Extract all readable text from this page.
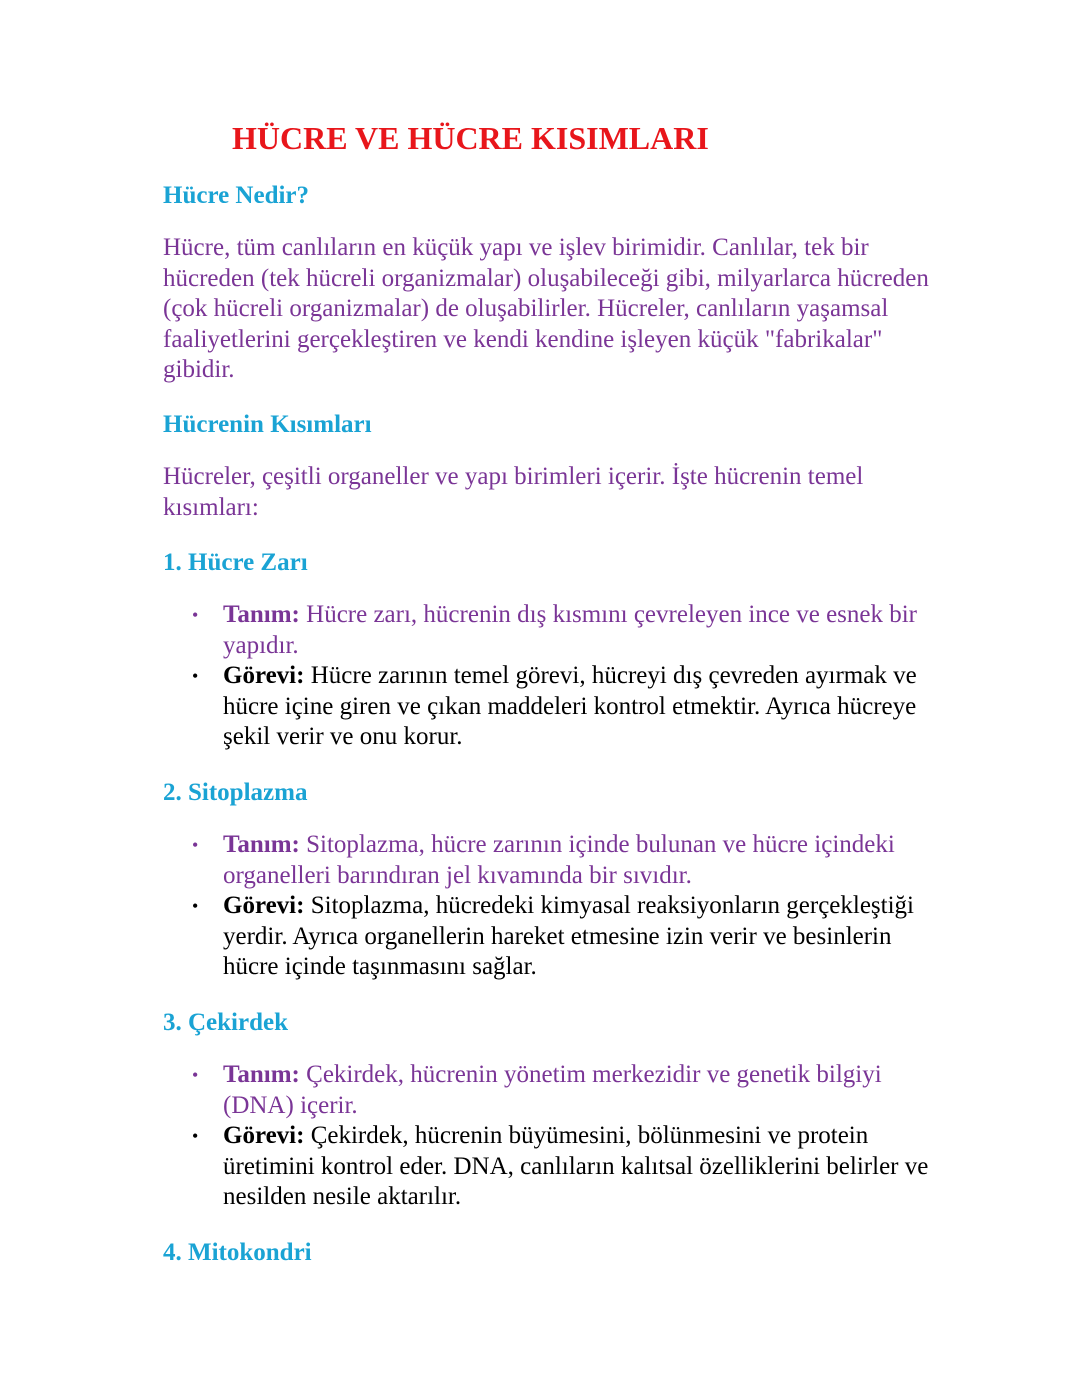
HÜCRE VE HÜCRE KISIMLARI
Hücre Nedir?

Hücre, tüm canlıların en küçük yapı ve işlev birimidir. Canlılar, tek bir hücreden (tek hücreli organizmalar) oluşabileceği gibi, milyarlarca hücreden (çok hücreli organizmalar) de oluşabilirler. Hücreler, canlıların yaşamsal faaliyetlerini gerçekleştiren ve kendi kendine işleyen küçük "fabrikalar" gibidir.

Hücrenin Kısımları

Hücreler, çeşitli organeller ve yapı birimleri içerir. İşte hücrenin temel kısımları:

1. Hücre Zarı
• Tanım: Hücre zarı, hücrenin dış kısmını çevreleyen ince ve esnek bir yapıdır.
• Görevi: Hücre zarının temel görevi, hücreyi dış çevreden ayırmak ve hücre içine giren ve çıkan maddeleri kontrol etmektir. Ayrıca hücreye şekil verir ve onu korur.
2. Sitoplazma
• Tanım: Sitoplazma, hücre zarının içinde bulunan ve hücre içindeki organelleri barındıran jel kıvamında bir sıvıdır.
• Görevi: Sitoplazma, hücredeki kimyasal reaksiyonların gerçekleştiği yerdir. Ayrıca organellerin hareket etmesine izin verir ve besinlerin hücre içinde taşınmasını sağlar.
3. Çekirdek
• Tanım: Çekirdek, hücrenin yönetim merkezidir ve genetik bilgiyi (DNA) içerir.
• Görevi: Çekirdek, hücrenin büyümesini, bölünmesini ve protein üretimini kontrol eder. DNA, canlıların kalıtsal özelliklerini belirler ve nesilden nesile aktarılır.
4. Mitokondri
